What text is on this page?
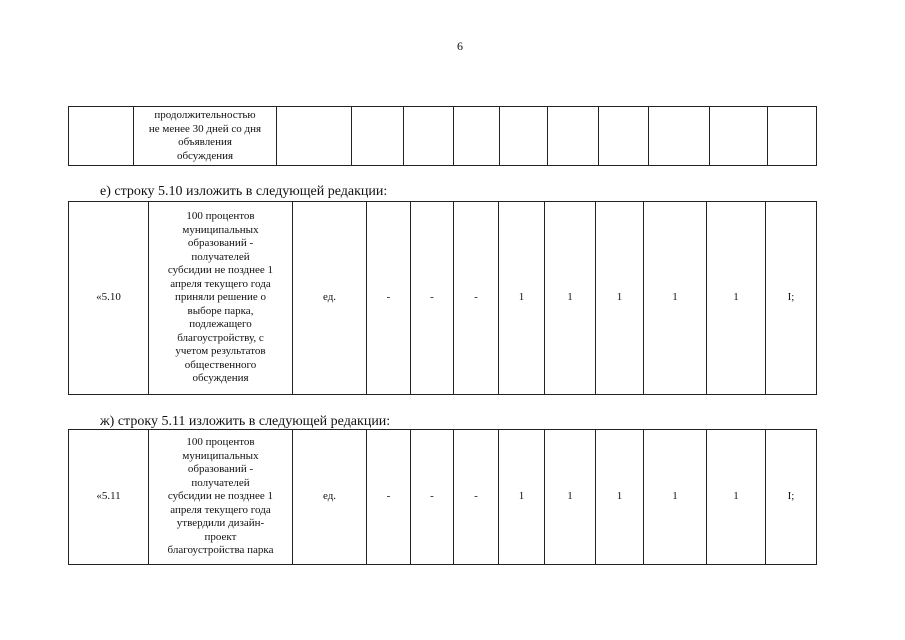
6
	продолжительностью
не менее 30 дней со дня
объявления
обсуждения										
е) строку 5.10 изложить в следующей редакции:
«5.10	100 процентов
муниципальных
образований -
получателей
субсидии не позднее 1
апреля текущего года
приняли решение о
выборе парка,
подлежащего
благоустройству, с
учетом результатов
общественного
обсуждения	ед.	-	-	-	1	1	1	1	1	I;
ж) строку 5.11 изложить в следующей редакции:
«5.11	100 процентов
муниципальных
образований -
получателей
субсидии не позднее 1
апреля текущего года
утвердили дизайн-
проект
благоустройства парка	ед.	-	-	-	1	1	1	1	1	I;
